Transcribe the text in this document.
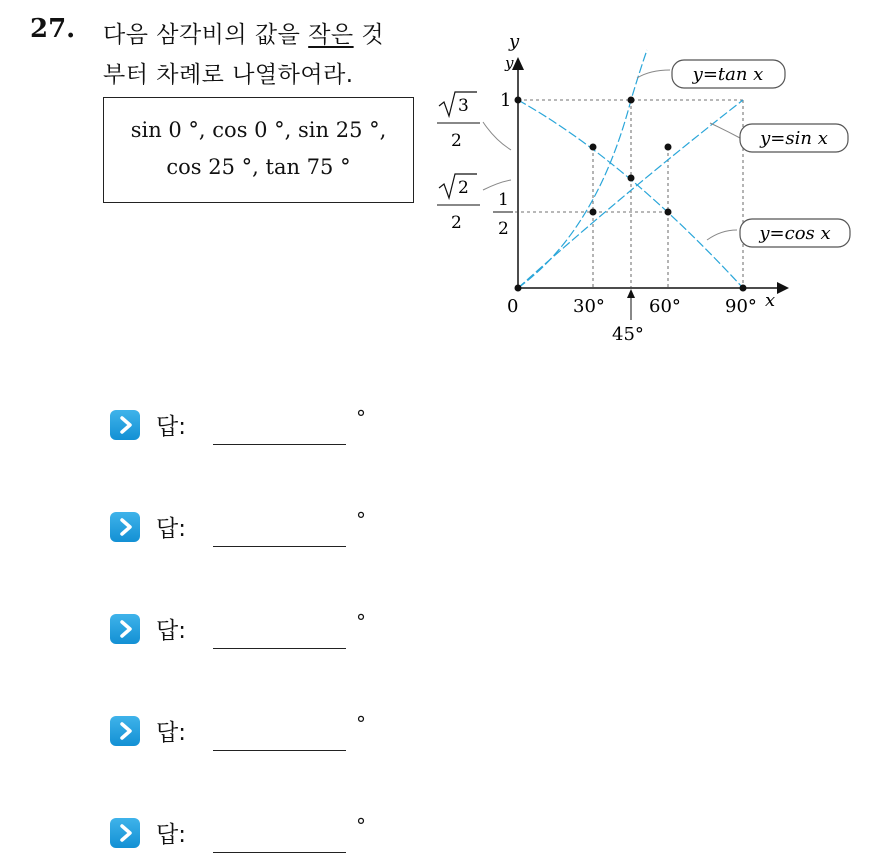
27. 다음 삼각비의 값을 작은 것
부터 차례로 나열하여라.
sin 0 °, cos 0 °, sin 25 °,
cos 25 °, tan 75 °
y=tan x
y=sin x
y=cos x
y
y
x
1
3
2
2
2
1
2
0	30° 60° 90°
45°
답:	°
답:	°
답:	°
답:	°
답:	°
